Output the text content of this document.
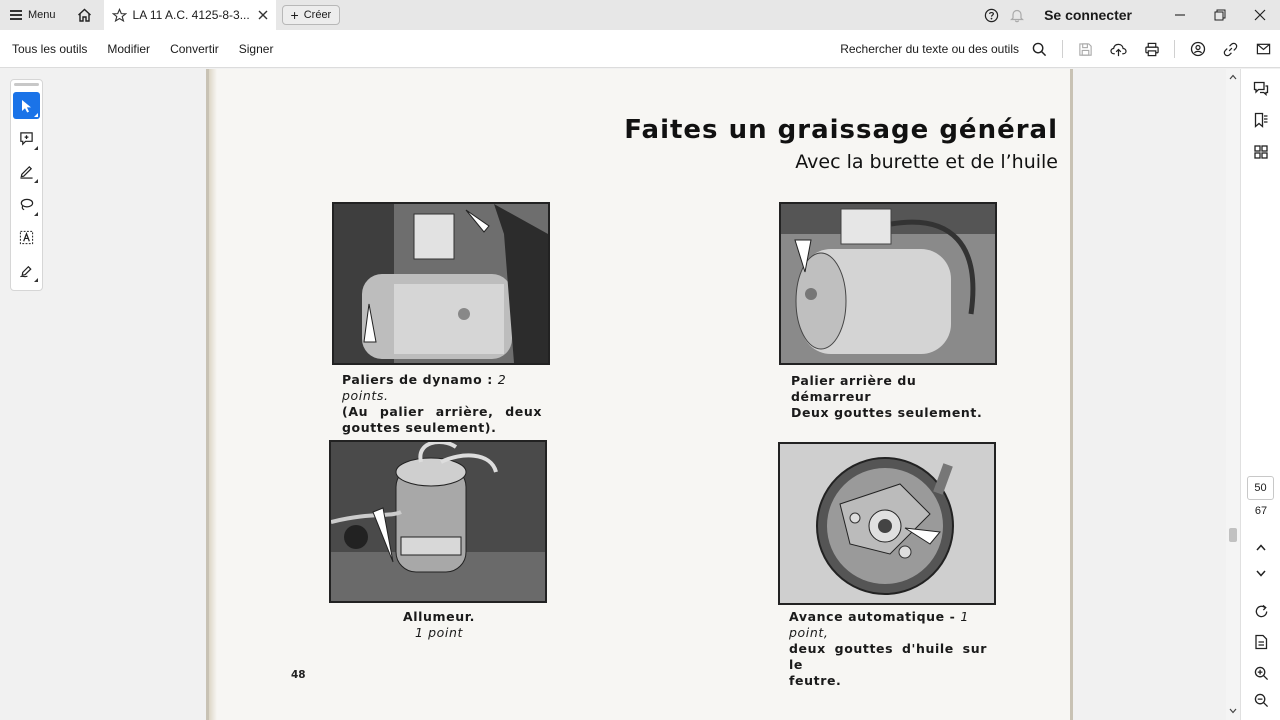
Menu	LA 11 A.C. 4125-8-3...	+ Créer	Se connecter
Tous les outils	Modifier	Convertir	Signer	Rechercher du texte ou des outils
Faites un graissage général
Avec la burette et de l’huile
Paliers de dynamo : 2 points.
(Au palier arrière, deux
gouttes seulement).
Palier arrière du démarreur
Deux gouttes seulement.
Allumeur.
1 point
Avance automatique - 1 point,
deux gouttes d'huile sur le
feutre.
48
50
67
